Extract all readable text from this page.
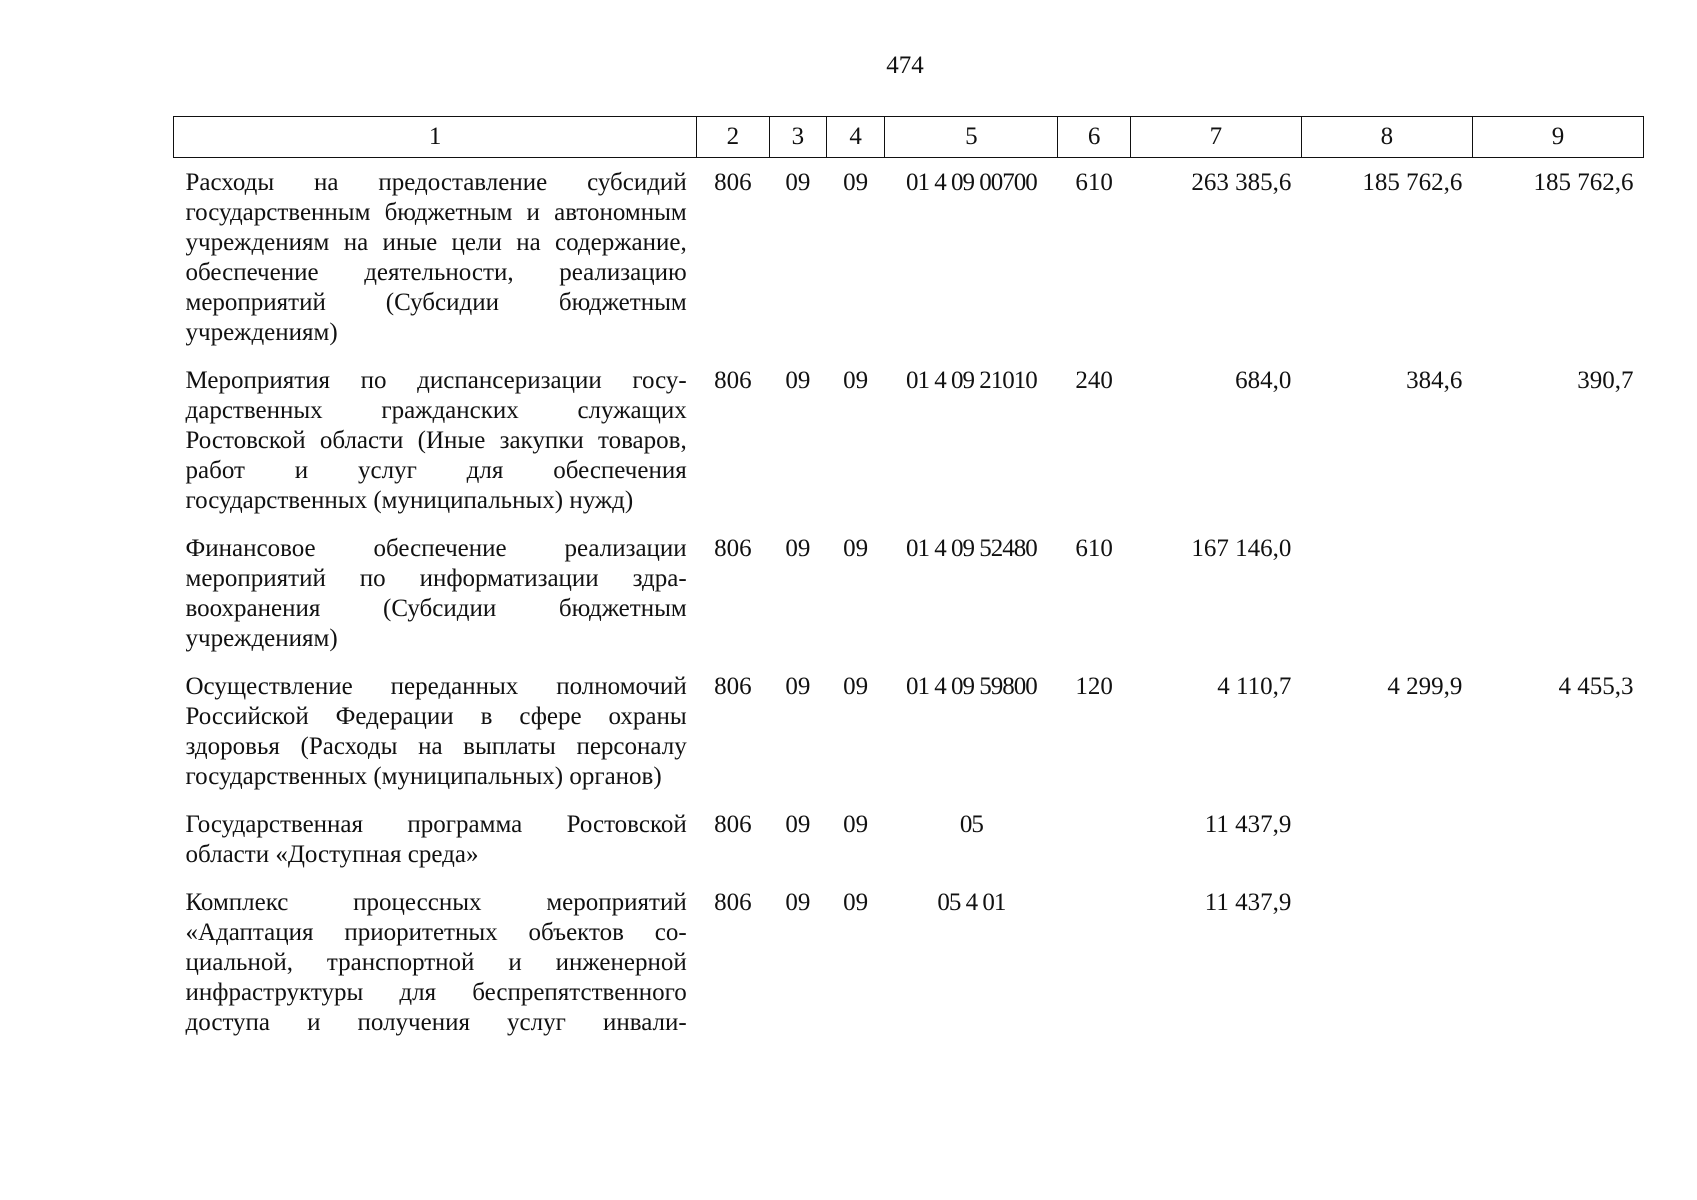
474
1	2	3	4	5	6	7	8	9
Расходы на предоставление субсидий государственным бюджетным и автономным учреждениям на иные цели на содержание, обеспечение деятельности, реализацию мероприятий (Субсидии бюджетным учреждениям)	806	09	09	01 4 09 00700	610	263 385,6	185 762,6	185 762,6
Мероприятия по диспансеризации государственных гражданских служащих Ростовской области (Иные закупки товаров, работ и услуг для обеспечения государственных (муниципальных) нужд)	806	09	09	01 4 09 21010	240	684,0	384,6	390,7
Финансовое обеспечение реализации мероприятий по информатизации здравоохранения (Субсидии бюджетным учреждениям)	806	09	09	01 4 09 52480	610	167 146,0		
Осуществление переданных полномочий Российской Федерации в сфере охраны здоровья (Расходы на выплаты персоналу государственных (муниципальных) органов)	806	09	09	01 4 09 59800	120	4 110,7	4 299,9	4 455,3
Государственная программа Ростовской области «Доступная среда»	806	09	09	05		11 437,9		
Комплекс процессных мероприятий «Адаптация приоритетных объектов социальной, транспортной и инженерной инфраструктуры для беспрепятственного доступа и получения услуг инвали-	806	09	09	05 4 01		11 437,9		
